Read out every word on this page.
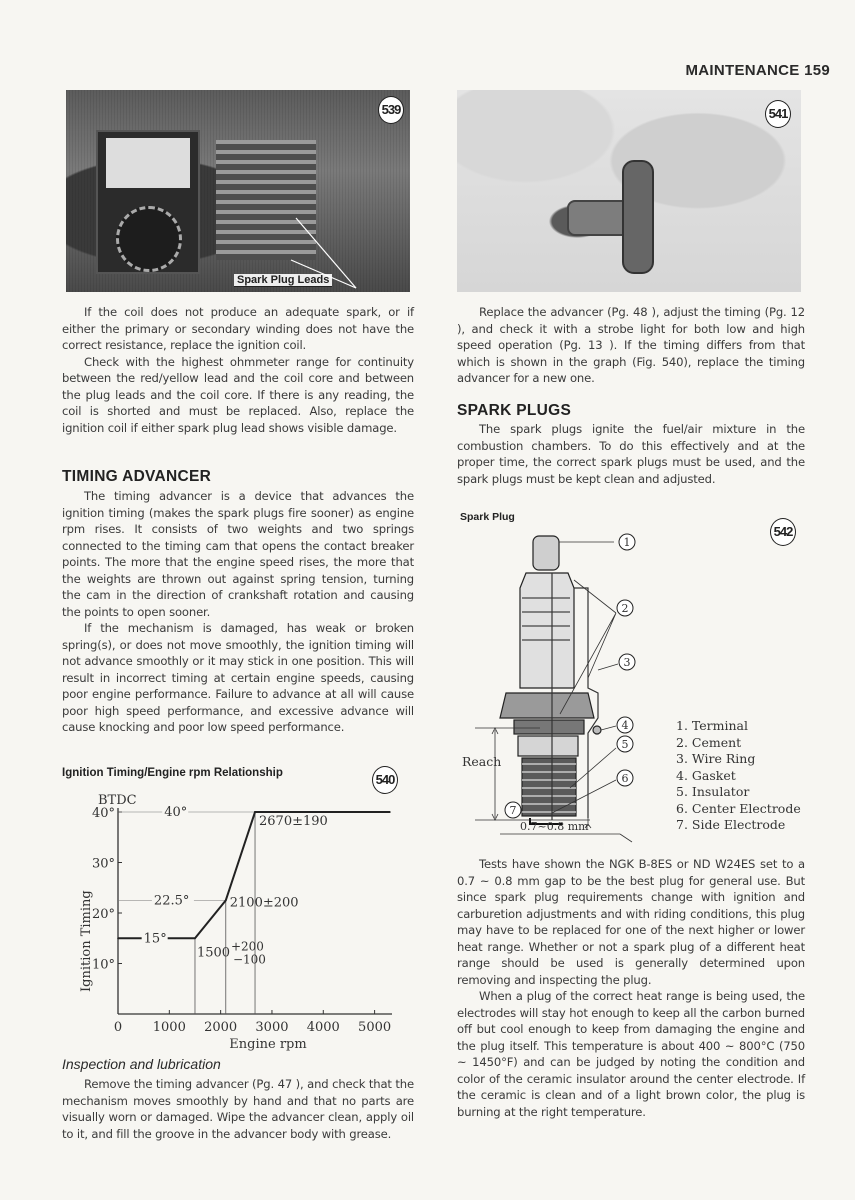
MAINTENANCE 159
539
Spark Plug Leads
541

If the coil does not produce an adequate spark, or if either the primary or secondary winding does not have the correct resistance, replace the ignition coil.

Check with the highest ohmmeter range for continuity between the red/yellow lead and the coil core and between the plug leads and the coil core. If there is any reading, the coil is shorted and must be replaced. Also, replace the ignition coil if either spark plug lead shows visible damage.

TIMING ADVANCER

The timing advancer is a device that advances the ignition timing (makes the spark plugs fire sooner) as engine rpm rises. It consists of two weights and two springs connected to the timing cam that opens the contact breaker points. The more that the engine speed rises, the more that the weights are thrown out against spring tension, turning the cam in the direction of crankshaft rotation and causing the points to open sooner.

If the mechanism is damaged, has weak or broken spring(s), or does not move smoothly, the ignition timing will not advance smoothly or it may stick in one position. This will result in incorrect timing at certain engine speeds, causing poor engine performance. Failure to advance at all will cause poor high speed performance, and excessive advance will cause knocking and poor low speed performance.

Ignition Timing/Engine rpm Relationship	540
BTDC
Ignition Timing
Engine rpm
10°
20°
30°
40°
0 1000 2000 3000 4000 5000
15°
22.5°
40°
1500 +200
−100
2100±200
2670±190
Inspection and lubrication

Remove the timing advancer (Pg. 47 ), and check that the mechanism moves smoothly by hand and that no parts are visually worn or damaged. Wipe the advancer clean, apply oil to it, and fill the groove in the advancer body with grease.

Replace the advancer (Pg. 48 ), adjust the timing (Pg. 12 ), and check it with a strobe light for both low and high speed operation (Pg. 13 ). If the timing differs from that which is shown in the graph (Fig. 540), replace the timing advancer for a new one.

SPARK PLUGS

The spark plugs ignite the fuel/air mixture in the combustion chambers. To do this effectively and at the proper time, the correct spark plugs must be used, and the spark plugs must be kept clean and adjusted.

Spark Plug
542
1
2
3
4
5
6
7
Reach
0.7~0.8 mm
1. Terminal
2. Cement
3. Wire Ring
4. Gasket
5. Insulator
6. Center Electrode
7. Side Electrode

Tests have shown the NGK B-8ES or ND W24ES set to a 0.7 ~ 0.8 mm gap to be the best plug for general use. But since spark plug requirements change with ignition and carburetion adjustments and with riding conditions, this plug may have to be replaced for one of the next higher or lower heat range. Whether or not a spark plug of a different heat range should be used is generally determined upon removing and inspecting the plug.

When a plug of the correct heat range is being used, the electrodes will stay hot enough to keep all the carbon burned off but cool enough to keep from damaging the engine and the plug itself. This temperature is about 400 ~ 800°C (750 ~ 1450°F) and can be judged by noting the condition and color of the ceramic insulator around the center electrode. If the ceramic is clean and of a light brown color, the plug is burning at the right temperature.
